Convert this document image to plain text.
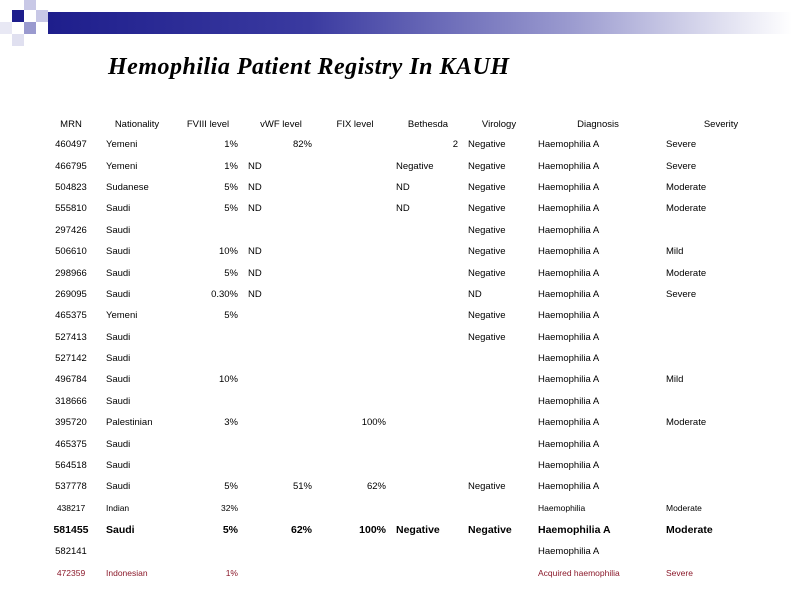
Hemophilia Patient Registry In KAUH
MRN	Nationality	FVIII level	vWF level	FIX level	Bethesda	Virology	Diagnosis	Severity
460497	Yemeni	1%	82%		2	Negative	Haemophilia A	Severe
466795	Yemeni	1%	ND		Negative	Negative	Haemophilia A	Severe
504823	Sudanese	5%	ND		ND	Negative	Haemophilia A	Moderate
555810	Saudi	5%	ND		ND	Negative	Haemophilia A	Moderate
297426	Saudi					Negative	Haemophilia A	
506610	Saudi	10%	ND			Negative	Haemophilia A	Mild
298966	Saudi	5%	ND			Negative	Haemophilia A	Moderate
269095	Saudi	0.30%	ND			ND	Haemophilia A	Severe
465375	Yemeni	5%				Negative	Haemophilia A	
527413	Saudi					Negative	Haemophilia A	
527142	Saudi						Haemophilia A	
496784	Saudi	10%					Haemophilia A	Mild
318666	Saudi						Haemophilia A	
395720	Palestinian	3%		100%			Haemophilia A	Moderate
465375	Saudi						Haemophilia A	
564518	Saudi						Haemophilia A	
537778	Saudi	5%	51%	62%		Negative	Haemophilia A	
438217	Indian	32%					Haemophilia	Moderate
581455	Saudi	5%	62%	100%	Negative	Negative	Haemophilia A	Moderate
582141							Haemophilia A	
472359	Indonesian	1%					Acquired haemophilia	Severe
